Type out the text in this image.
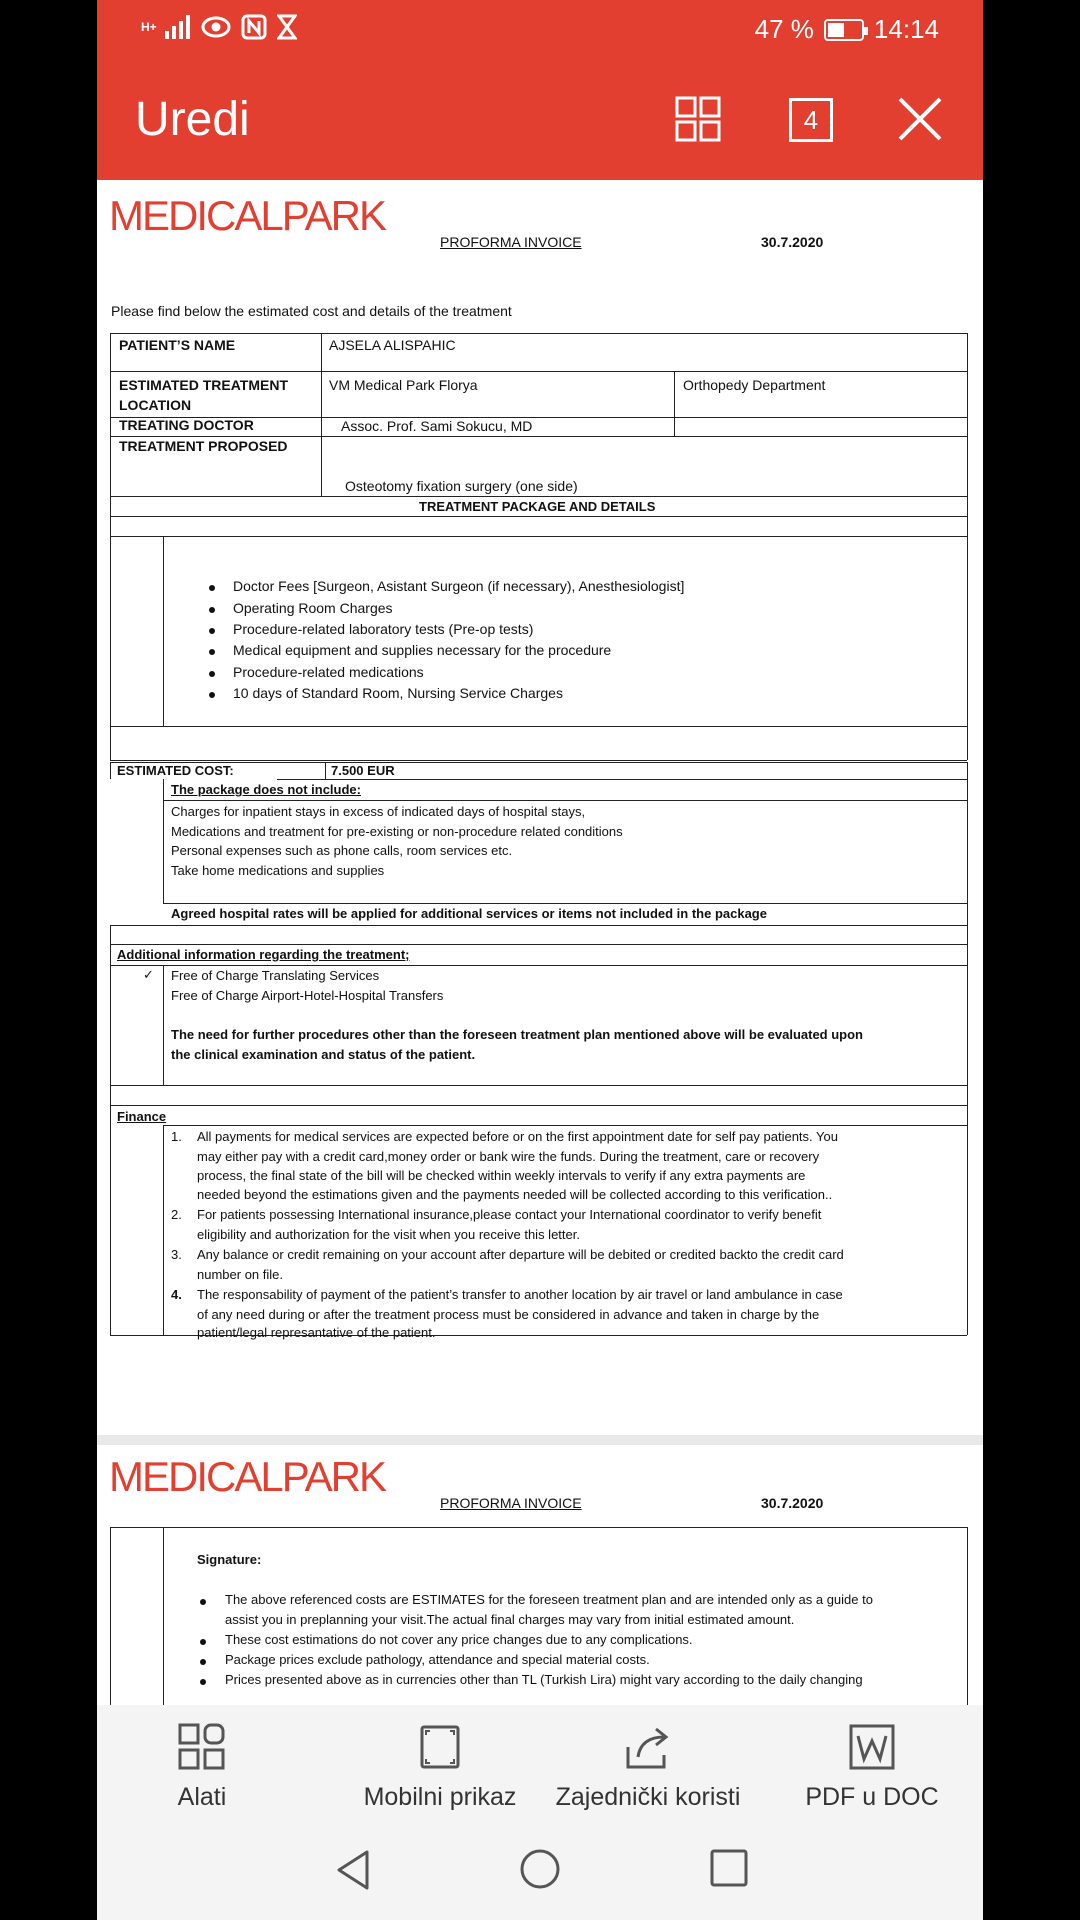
H+	47 % 14:14
Uredi	4
MEDICALPARK
PROFORMA INVOICE	30.7.2020
Please find below the estimated cost and details of the treatment
PATIENT’S NAME	AJSELA ALISPAHIC
ESTIMATED TREATMENT
LOCATION
VM Medical Park Florya	Orthopedy Department
TREATING DOCTOR	Assoc. Prof. Sami Sokucu, MD
TREATMENT PROPOSED
Osteotomy fixation surgery (one side)
TREATMENT PACKAGE AND DETAILS
Doctor Fees [Surgeon, Asistant Surgeon (if necessary), Anesthesiologist]
Operating Room Charges
Procedure-related laboratory tests (Pre-op tests)
Medical equipment and supplies necessary for the procedure
Procedure-related medications
10 days of Standard Room, Nursing Service Charges
ESTIMATED COST:	7.500 EUR
The package does not include:
Charges for inpatient stays in excess of indicated days of hospital stays,
Medications and treatment for pre-existing or non-procedure related conditions
Personal expenses such as phone calls, room services etc.
Take home medications and supplies
Agreed hospital rates will be applied for additional services or items not included in the package
Additional information regarding the treatment;
✓ Free of Charge Translating Services
Free of Charge Airport-Hotel-Hospital Transfers
The need for further procedures other than the foreseen treatment plan mentioned above will be evaluated upon
the clinical examination and status of the patient.
Finance
1. All payments for medical services are expected before or on the first appointment date for self pay patients. You
may either pay with a credit card,money order or bank wire the funds. During the treatment, care or recovery
process, the final state of the bill will be checked within weekly intervals to verify if any extra payments are
needed beyond the estimations given and the payments needed will be collected according to this verification..
2. For patients possessing International insurance,please contact your International coordinator to verify benefit
eligibility and authorization for the visit when you receive this letter.
3. Any balance or credit remaining on your account after departure will be debited or credited backto the credit card
number on file.
4. The responsability of payment of the patient’s transfer to another location by air travel or land ambulance in case
of any need during or after the treatment process must be considered in advance and taken in charge by the
patient/legal represantative of the patient.
MEDICALPARK
PROFORMA INVOICE	30.7.2020
Signature:
The above referenced costs are ESTIMATES for the foreseen treatment plan and are intended only as a guide to
assist you in preplanning your visit.The actual final charges may vary from initial estimated amount.
These cost estimations do not cover any price changes due to any complications.
Package prices exclude pathology, attendance and special material costs.
Prices presented above as in currencies other than TL (Turkish Lira) might vary according to the daily changing
Alati	Mobilni prikaz	Zajednički koristi	PDF u DOC
